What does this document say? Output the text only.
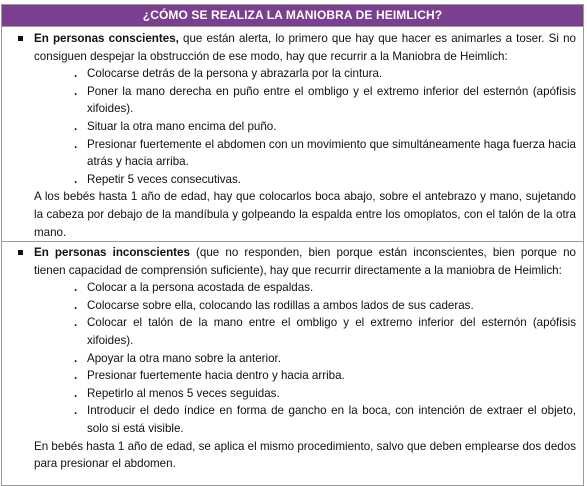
¿CÓMO SE REALIZA LA MANIOBRA DE HEIMLICH?
En personas conscientes, que están alerta, lo primero que hay que hacer es animarles a toser. Si no consiguen despejar la obstrucción de ese modo, hay que recurrir a la Maniobra de Heimlich:
. Colocarse detrás de la persona y abrazarla por la cintura.
. Poner la mano derecha en puño entre el ombligo y el extremo inferior del esternón (apófisis xifoides).
. Situar la otra mano encima del puño.
. Presionar fuertemente el abdomen con un movimiento que simultáneamente haga fuerza hacia atrás y hacia arriba.
. Repetir 5 veces consecutivas.
A los bebés hasta 1 año de edad, hay que colocarlos boca abajo, sobre el antebrazo y mano, sujetando la cabeza por debajo de la mandíbula y golpeando la espalda entre los omoplatos, con el talón de la otra mano.
En personas inconscientes (que no responden, bien porque están inconscientes, bien porque no tienen capacidad de comprensión suficiente), hay que recurrir directamente a la maniobra de Heimlich:
. Colocar a la persona acostada de espaldas.
. Colocarse sobre ella, colocando las rodillas a ambos lados de sus caderas.
. Colocar el talón de la mano entre el ombligo y el extremo inferior del esternón (apófisis xifoides).
. Apoyar la otra mano sobre la anterior.
. Presionar fuertemente hacia dentro y hacia arriba.
. Repetirlo al menos 5 veces seguidas.
. Introducir el dedo índice en forma de gancho en la boca, con intención de extraer el objeto, solo si está visible.
En bebés hasta 1 año de edad, se aplica el mismo procedimiento, salvo que deben emplearse dos dedos para presionar el abdomen.
